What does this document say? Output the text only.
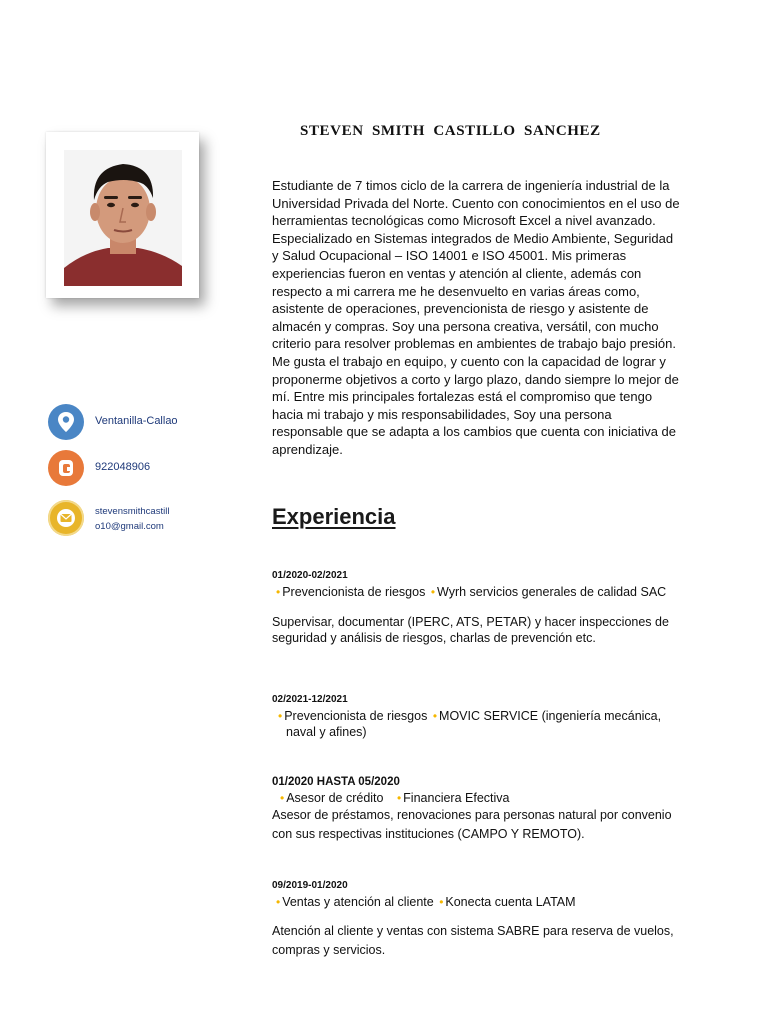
STEVEN SMITH CASTILLO SANCHEZ
Estudiante de 7 timos ciclo de la carrera de ingeniería industrial de la Universidad Privada del Norte. Cuento con conocimientos en el uso de herramientas tecnológicas como Microsoft Excel a nivel avanzado. Especializado en Sistemas integrados de Medio Ambiente, Seguridad y Salud Ocupacional – ISO 14001 e ISO 45001. Mis primeras experiencias fueron en ventas y atención al cliente, además con respecto a mi carrera me he desenvuelto en varias áreas como, asistente de operaciones, prevencionista de riesgo y asistente de almacén y compras. Soy una persona creativa, versátil, con mucho criterio para resolver problemas en ambientes de trabajo bajo presión. Me gusta el trabajo en equipo, y cuento con la capacidad de lograr y proponerme objetivos a corto y largo plazo, dando siempre lo mejor de mí. Entre mis principales fortalezas está el compromiso que tengo hacia mi trabajo y mis responsabilidades, Soy una persona responsable que se adapta a los cambios que cuenta con iniciativa de aprendizaje.
Ventanilla-Callao
922048906
stevensmithcastill o10@gmail.com	Experiencia
01/2020-02/2021
• Prevencionista de riesgos • Wyrh servicios generales de calidad SAC
Supervisar, documentar (IPERC, ATS, PETAR) y hacer inspecciones de seguridad y análisis de riesgos, charlas de prevención etc.
02/2021-12/2021
• Prevencionista de riesgos • MOVIC SERVICE (ingeniería mecánica, naval y afines)
01/2020 HASTA 05/2020
• Asesor de crédito • Financiera Efectiva
Asesor de préstamos, renovaciones para personas natural por convenio con sus respectivas instituciones (CAMPO Y REMOTO).
09/2019-01/2020
• Ventas y atención al cliente • Konecta cuenta LATAM
Atención al cliente y ventas con sistema SABRE para reserva de vuelos, compras y servicios.
